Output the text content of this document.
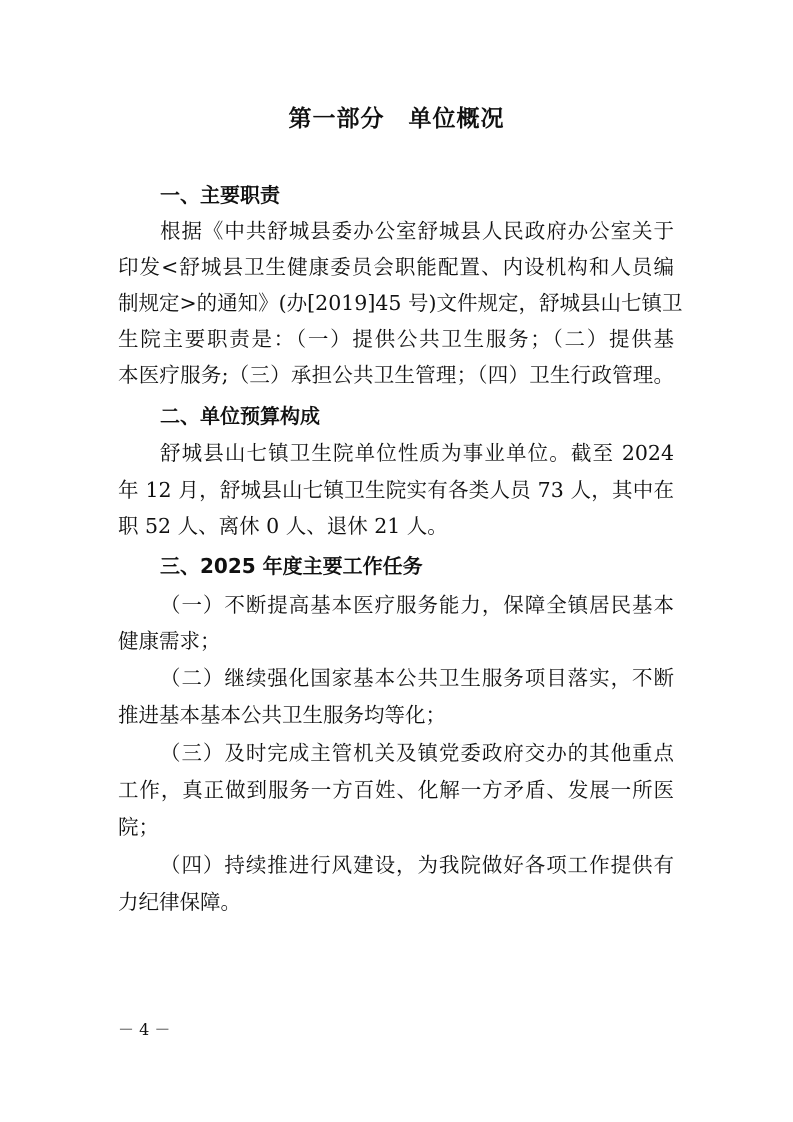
第一部分　单位概况
一、主要职责
根据《中共舒城县委办公室舒城县人民政府办公室关于
印发<舒城县卫生健康委员会职能配置、内设机构和人员编
制规定>的通知》(办[2019]45 号)文件规定，舒城县山七镇卫
生院主要职责是：（一）提供公共卫生服务；（二）提供基
本医疗服务;（三）承担公共卫生管理；（四）卫生行政管理。
二、单位预算构成
舒城县山七镇卫生院单位性质为事业单位。截至 2024
年 12 月，舒城县山七镇卫生院实有各类人员 73 人，其中在
职 52 人、离休 0 人、退休 21 人。
三、2025 年度主要工作任务
（一）不断提高基本医疗服务能力，保障全镇居民基本
健康需求；
（二）继续强化国家基本公共卫生服务项目落实，不断
推进基本基本公共卫生服务均等化；
（三）及时完成主管机关及镇党委政府交办的其他重点
工作，真正做到服务一方百姓、化解一方矛盾、发展一所医
院；
（四）持续推进行风建设，为我院做好各项工作提供有
力纪律保障。
－ 4 －
